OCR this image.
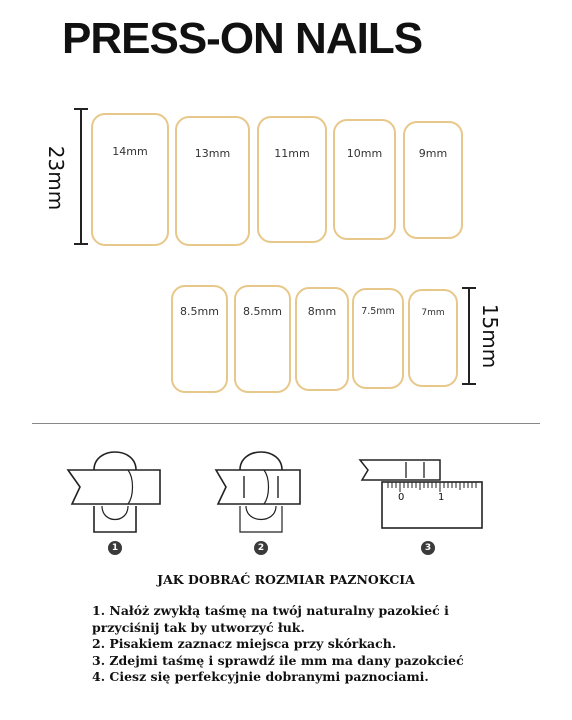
PRESS-ON NAILS
23mm	14mm	13mm	11mm	10mm	9mm
8.5mm	8.5mm	8mm	7.5mm	7mm	15mm
1	2
0	1
3
JAK DOBRAĆ ROZMIAR PAZNOKCIA
1. Nałóż zwykłą taśmę na twój naturalny pazokieć i
przyciśnij tak by utworzyć łuk.
2. Pisakiem zaznacz miejsca przy skórkach.
3. Zdejmi taśmę i sprawdź ile mm ma dany pazokcieć
4. Ciesz się perfekcyjnie dobranymi paznociami.
